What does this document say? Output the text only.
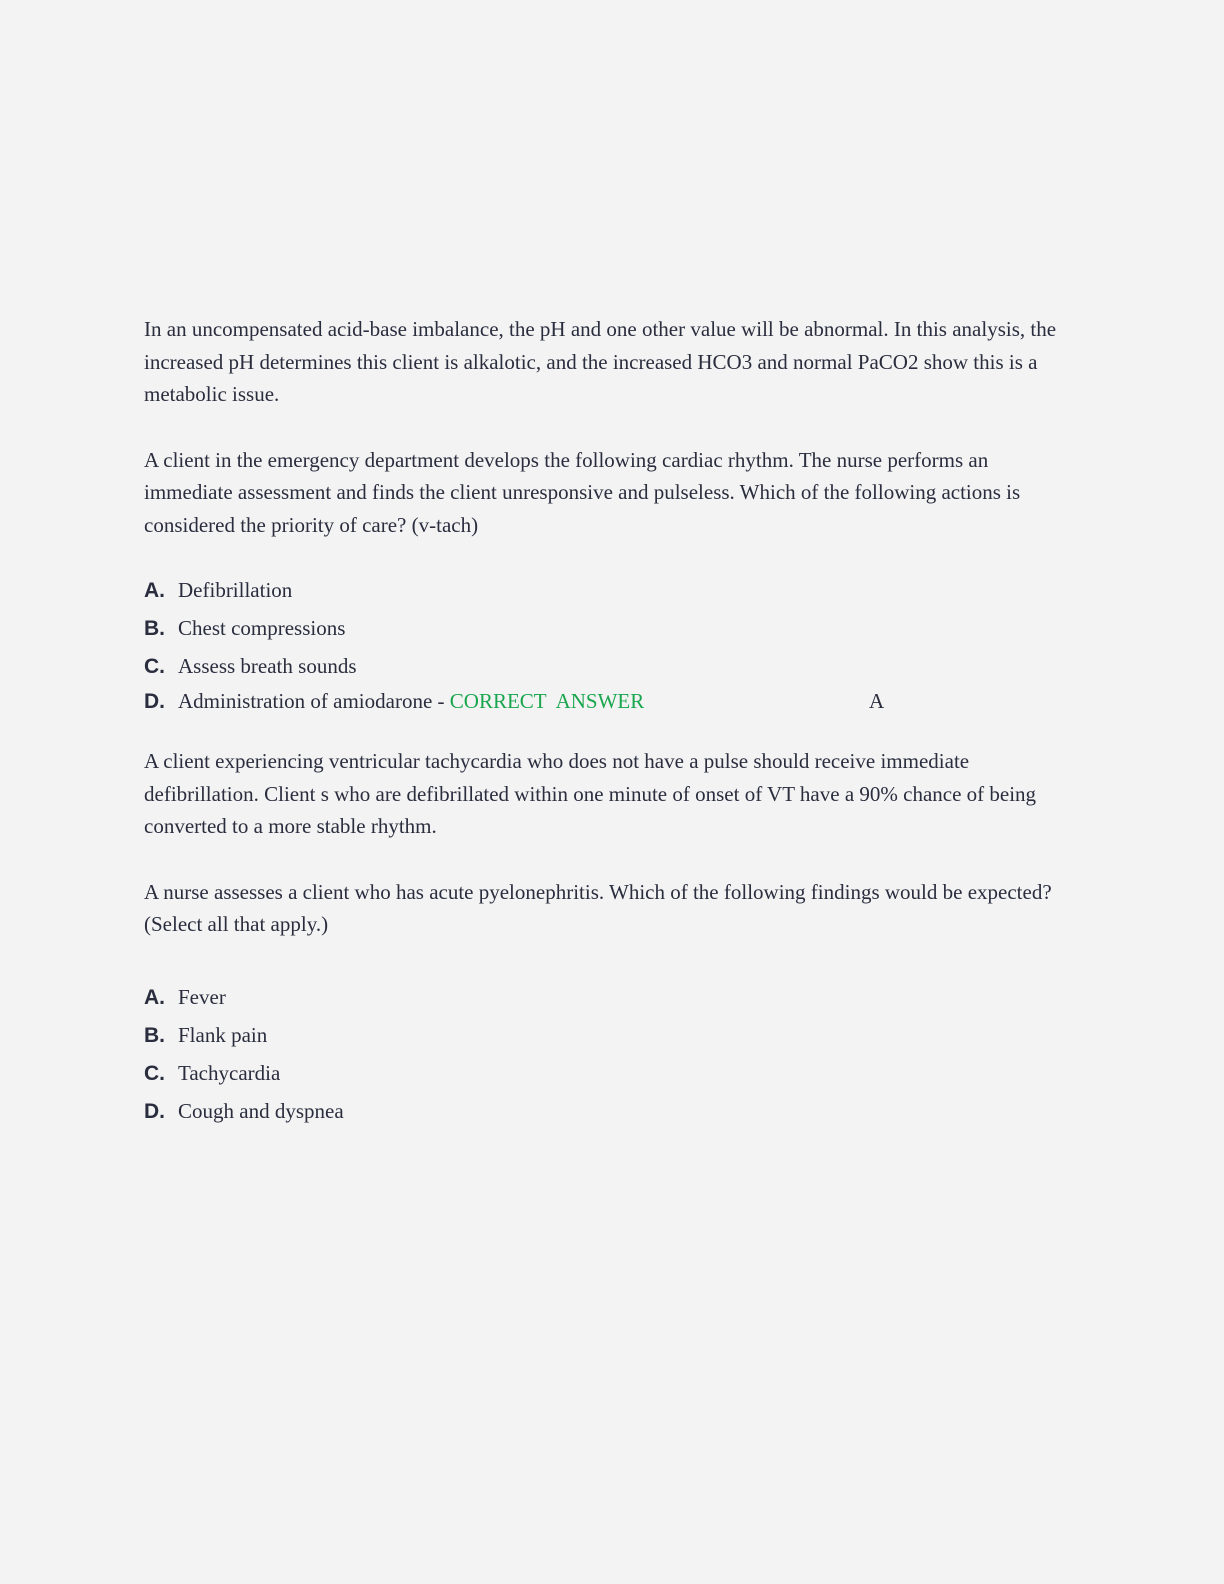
In an uncompensated acid-base imbalance, the pH and one other value will be abnormal. In this analysis, the increased pH determines this client is alkalotic, and the increased HCO3 and normal PaCO2 show this is a metabolic issue.

A client in the emergency department develops the following cardiac rhythm. The nurse performs an immediate assessment and finds the client unresponsive and pulseless. Which of the following actions is considered the priority of care? (v-tach)

A. Defibrillation
B. Chest compressions
C. Assess breath sounds
D. Administration of amiodarone - CORRECT  ANSWER	A

A client experiencing ventricular tachycardia who does not have a pulse should receive immediate defibrillation. Client s who are defibrillated within one minute of onset of VT have a 90% chance of being converted to a more stable rhythm.

A nurse assesses a client who has acute pyelonephritis. Which of the following findings would be expected? (Select all that apply.)

A. Fever
B. Flank pain
C. Tachycardia
D. Cough and dyspnea
